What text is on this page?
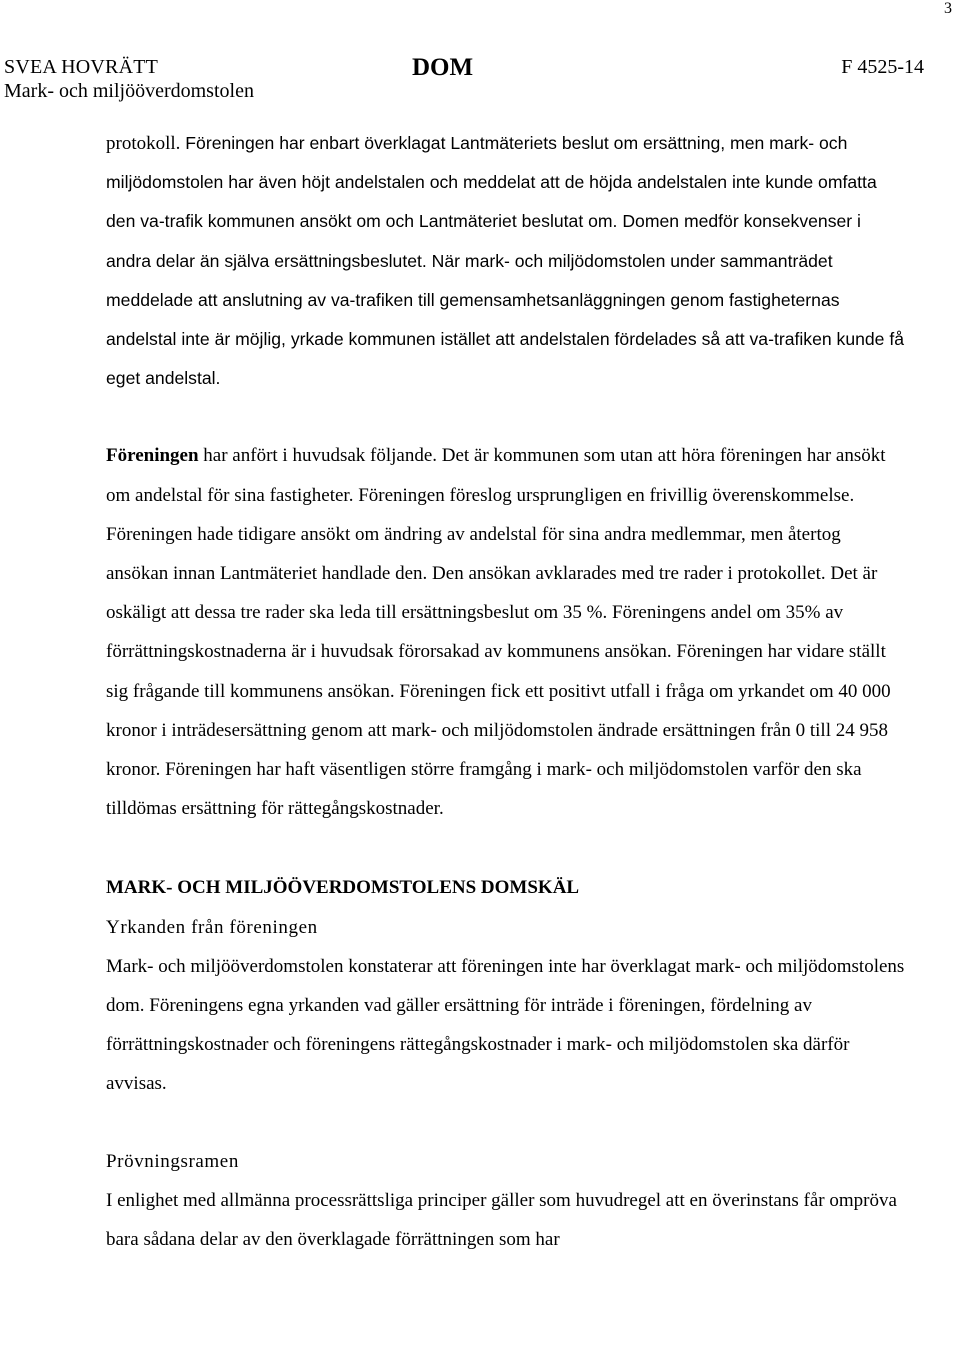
3
SVEA HOVRÄTT
Mark- och miljööverdomstolen
DOM	F 4525-14

protokoll. Föreningen har enbart överklagat Lantmäteriets beslut om ersättning, men mark- och miljödomstolen har även höjt andelstalen och meddelat att de höjda andelstalen inte kunde omfatta den va-trafik kommunen ansökt om och Lantmäteriet beslutat om. Domen medför konsekvenser i andra delar än själva ersättningsbeslutet. När mark- och miljödomstolen under sammanträdet meddelade att anslutning av va-trafiken till gemensamhetsanläggningen genom fastigheternas andelstal inte är möjlig, yrkade kommunen istället att andelstalen fördelades så att va-trafiken kunde få eget andelstal.

Föreningen har anfört i huvudsak följande. Det är kommunen som utan att höra föreningen har ansökt om andelstal för sina fastigheter. Föreningen föreslog ursprungligen en frivillig överenskommelse. Föreningen hade tidigare ansökt om ändring av andelstal för sina andra medlemmar, men återtog ansökan innan Lantmäteriet handlade den. Den ansökan avklarades med tre rader i protokollet. Det är oskäligt att dessa tre rader ska leda till ersättningsbeslut om 35 %. Föreningens andel om 35% av förrättningskostnaderna är i huvudsak förorsakad av kommunens ansökan. Föreningen har vidare ställt sig frågande till kommunens ansökan. Föreningen fick ett positivt utfall i fråga om yrkandet om 40 000 kronor i inträdesersättning genom att mark- och miljödomstolen ändrade ersättningen från 0 till 24 958 kronor. Föreningen har haft väsentligen större framgång i mark- och miljödomstolen varför den ska tilldömas ersättning för rättegångskostnader.

MARK- OCH MILJÖÖVERDOMSTOLENS DOMSKÄL

Yrkanden från föreningen

Mark- och miljööverdomstolen konstaterar att föreningen inte har överklagat mark- och miljödomstolens dom. Föreningens egna yrkanden vad gäller ersättning för inträde i föreningen, fördelning av förrättningskostnader och föreningens rättegångskostnader i mark- och miljödomstolen ska därför avvisas.

Prövningsramen

I enlighet med allmänna processrättsliga principer gäller som huvudregel att en överinstans får ompröva bara sådana delar av den överklagade förrättningen som har
